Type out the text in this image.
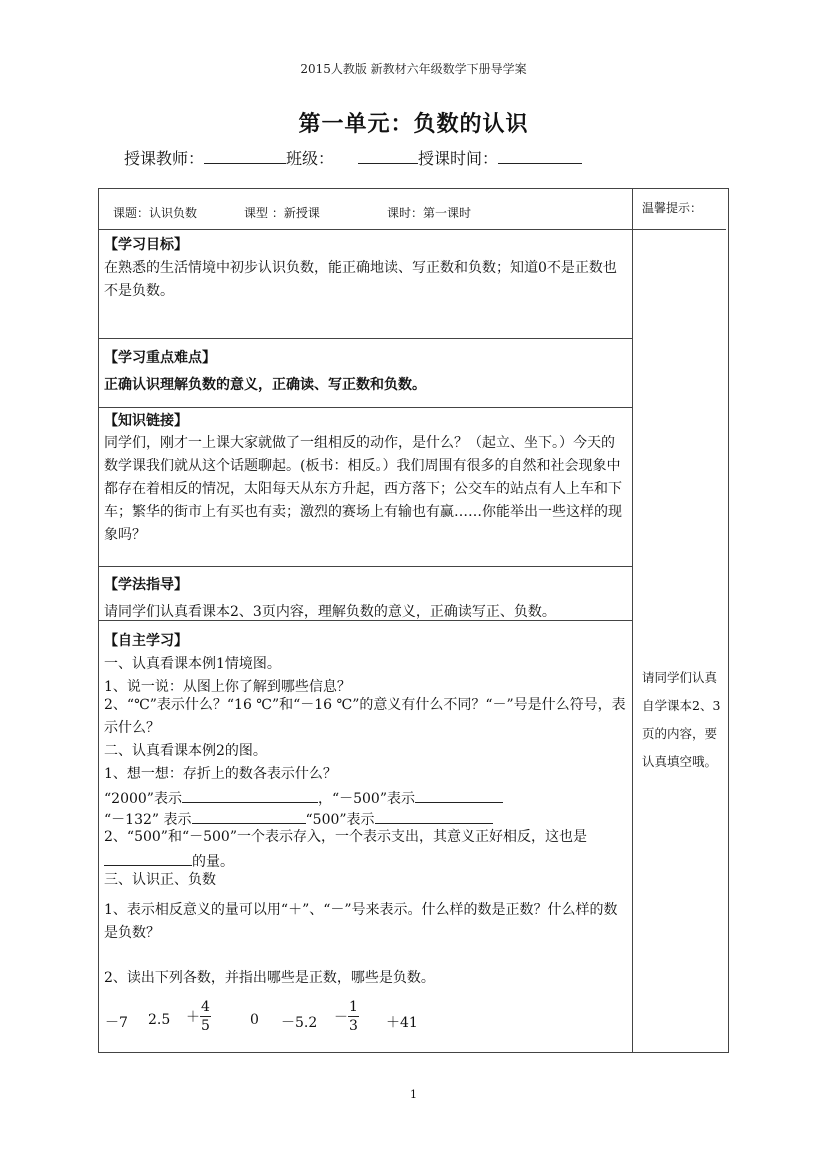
2015人教版 新教材六年级数学下册导学案
第一单元：负数的认识
授课教师：	班级：	授课时间：
课题：认识负数	课型 ：新授课	课时：第一课时	温馨提示：
请同学们认真自学课本2、3页的内容，要认真填空哦。
【学习目标】
在熟悉的生活情境中初步认识负数，能正确地读、写正数和负数；知道0不是正数也不是负数。
【学习重点难点】
正确认识理解负数的意义，正确读、写正数和负数。
【知识链接】
同学们，刚才一上课大家就做了一组相反的动作，是什么？（起立、坐下。）今天的数学课我们就从这个话题聊起。(板书：相反。）我们周围有很多的自然和社会现象中都存在着相反的情况，太阳每天从东方升起，西方落下；公交车的站点有人上车和下车；繁华的街市上有买也有卖；激烈的赛场上有输也有赢……你能举出一些这样的现象吗？
【学法指导】
请同学们认真看课本2、3页内容，理解负数的意义，正确读写正、负数。
【自主学习】
一、认真看课本例1情境图。
1、说一说：从图上你了解到哪些信息？
2、“℃”表示什么？“16 ℃”和“－16 ℃”的意义有什么不同？“－”号是什么符号，表示什么？
二、认真看课本例2的图。
1、想一想：存折上的数各表示什么？
“2000”表示	，“－500”表示
“－132” 表示	“500”表示
2、“500”和“－500”一个表示存入，一个表示支出，其意义正好相反，这也是
的量。
三、认识正、负数
1、表示相反意义的量可以用“＋”、“－”号来表示。什么样的数是正数？什么样的数是负数？
2、读出下列各数，并指出哪些是正数，哪些是负数。
－7 $2.5 + \frac{4}{5}$	$0 -5.2 - \frac{1}{3} +41$
1
